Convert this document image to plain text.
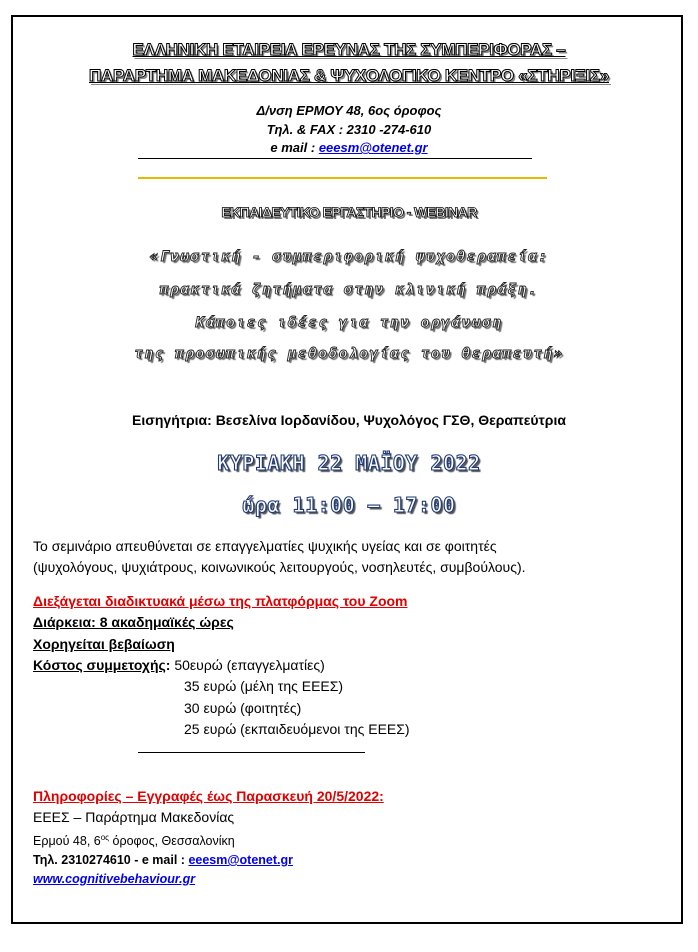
ΕΛΛΗΝΙΚΗ ΕΤΑΙΡΕΙΑ ΕΡΕΥΝΑΣ ΤΗΣ ΣΥΜΠΕΡΙΦΟΡΑΣ –
ΠΑΡΑΡΤΗΜΑ ΜΑΚΕΔΟΝΙΑΣ & ΨΥΧΟΛΟΓΙΚΟ ΚΕΝΤΡΟ «ΣΤΗΡΙΞΙΣ»
Δ/νση ΕΡΜΟΥ 48, 6ος όροφος
Τηλ. & FAX : 2310 -274-610
e mail : eeesm@otenet.gr
ΕΚΠΑΙΔΕΥΤΙΚΟ ΕΡΓΑΣΤΗΡΙΟ - WEBINAR
«Γνωστική - συμπεριφορική ψυχοθεραπεία:
πρακτικά ζητήματα στην κλινική πράξη.
Κάποιες ιδέες για την οργάνωση
της προσωπικής μεθοδολογίας του θεραπευτή»
Εισηγήτρια: Βεσελίνα Ιορδανίδου, Ψυχολόγος ΓΣΘ, Θεραπεύτρια
ΚΥΡΙΑΚΗ 22 ΜΑΪΟΥ 2022
ώρα 11:00 – 17:00
Το σεμινάριο απευθύνεται σε επαγγελματίες ψυχικής υγείας και σε φοιτητές
(ψυχολόγους, ψυχιάτρους, κοινωνικούς λειτουργούς, νοσηλευτές, συμβούλους).
Διεξάγεται διαδικτυακά μέσω της πλατφόρμας του Zoom
Διάρκεια: 8 ακαδημαϊκές ώρες
Χορηγείται βεβαίωση
Κόστος συμμετοχής: 50ευρώ (επαγγελματίες)
35 ευρώ (μέλη της ΕΕΕΣ)
30 ευρώ (φοιτητές)
25 ευρώ (εκπαιδευόμενοι της ΕΕΕΣ)
Πληροφορίες – Εγγραφές έως Παρασκευή 20/5/2022:
ΕΕΕΣ – Παράρτημα Μακεδονίας
Ερμού 48, $6^{o\varsigma}$ όροφος, Θεσσαλονίκη
Τηλ. 2310274610 - e mail : eeesm@otenet.gr
www.cognitivebehaviour.gr
